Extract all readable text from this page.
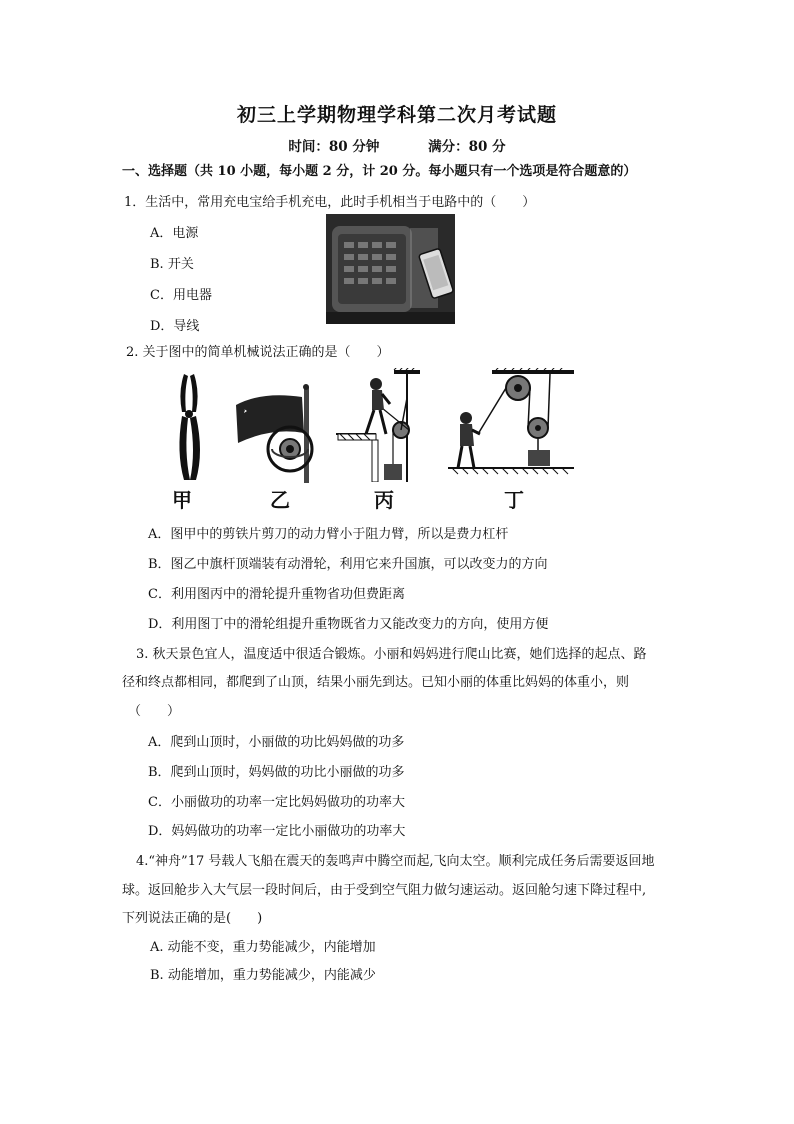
初三上学期物理学科第二次月考试题
时间：80 分钟	满分：80 分
一、选择题（共 10 小题，每小题 2 分，计 20 分。每小题只有一个选项是符合题意的）
1．生活中，常用充电宝给手机充电，此时手机相当于电路中的（　　）
A．电源
B. 开关
C．用电器
D．导线
2. 关于图中的简单机械说法正确的是（　　）
甲	乙	丙	丁
A．图甲中的剪铁片剪刀的动力臂小于阻力臂，所以是费力杠杆
B．图乙中旗杆顶端装有动滑轮，利用它来升国旗，可以改变力的方向
C．利用图丙中的滑轮提升重物省功但费距离
D．利用图丁中的滑轮组提升重物既省力又能改变力的方向，使用方便
3. 秋天景色宜人，温度适中很适合锻炼。小丽和妈妈进行爬山比赛，她们选择的起点、路
径和终点都相同，都爬到了山顶，结果小丽先到达。已知小丽的体重比妈妈的体重小，则
（　　）
A．爬到山顶时，小丽做的功比妈妈做的功多
B．爬到山顶时，妈妈做的功比小丽做的功多
C．小丽做功的功率一定比妈妈做功的功率大
D．妈妈做功的功率一定比小丽做功的功率大
4.“神舟”17 号载人飞船在震天的轰鸣声中腾空而起,飞向太空。顺利完成任务后需要返回地
球。返回舱步入大气层一段时间后，由于受到空气阻力做匀速运动。返回舱匀速下降过程中,
下列说法正确的是(　　)
A. 动能不变，重力势能减少，内能增加
B. 动能增加，重力势能减少，内能减少
